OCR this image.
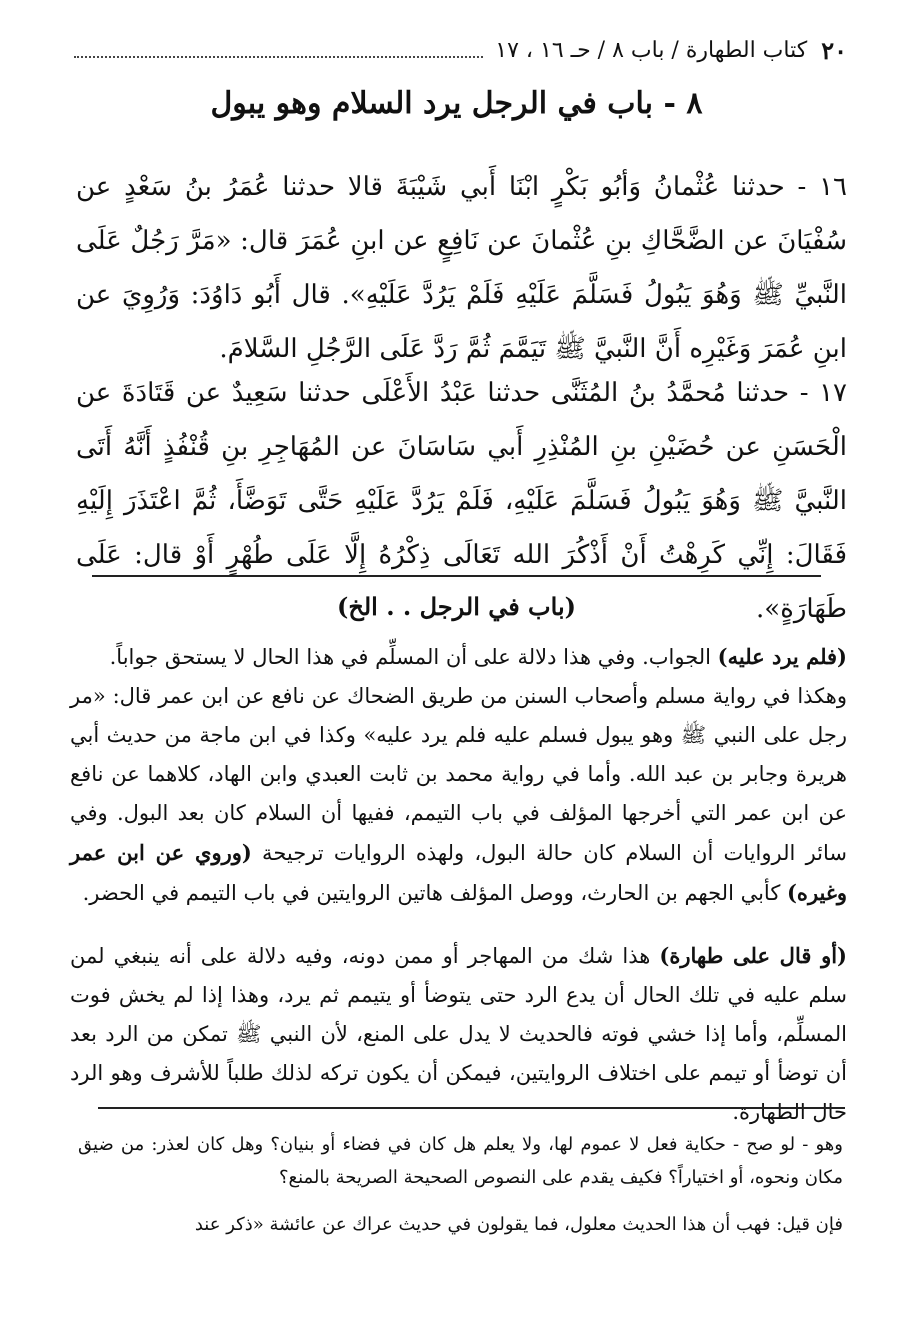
٢٠
كتاب الطهارة / باب ٨ / حـ ١٦ ، ١٧
٨ - باب في الرجل يرد السلام وهو يبول
١٦ - حدثنا عُثْمانُ وَأبُو بَكْرٍ ابْنَا أَبي شَيْبَةَ قالا حدثنا عُمَرُ بنُ سَعْدٍ عن سُفْيَانَ عن الضَّحَّاكِ بنِ عُثْمانَ عن نَافِعٍ عن ابنِ عُمَرَ قال: «مَرَّ رَجُلٌ عَلَى النَّبيِّ ﷺ وَهُوَ يَبُولُ فَسَلَّمَ عَلَيْهِ فَلَمْ يَرُدَّ عَلَيْهِ». قال أَبُو دَاوُدَ: وَرُوِيَ عن ابنِ عُمَرَ وَغَيْرِه أَنَّ النَّبيَّ ﷺ تَيَمَّمَ ثُمَّ رَدَّ عَلَى الرَّجُلِ السَّلامَ.
١٧ - حدثنا مُحمَّدُ بنُ المُثَنَّى حدثنا عَبْدُ الأَعْلَى حدثنا سَعِيدٌ عن قَتَادَةَ عن الْحَسَنِ عن حُضَيْنِ بنِ المُنْذِرِ أَبي سَاسَانَ عن المُهَاجِرِ بنِ قُنْفُذٍ أَنَّهُ أَتَى النَّبيَّ ﷺ وَهُوَ يَبُولُ فَسَلَّمَ عَلَيْهِ، فَلَمْ يَرُدَّ عَلَيْهِ حَتَّى تَوَضَّأَ، ثُمَّ اعْتَذَرَ إِلَيْهِ فَقَالَ: إِنِّي كَرِهْتُ أَنْ أَذْكُرَ الله تَعَالَى ذِكْرُهُ إِلَّا عَلَى طُهْرٍ أَوْ قال: عَلَى طَهَارَةٍ».
(باب في الرجل . . الخ)
(فلم يرد عليه) الجواب. وفي هذا دلالة على أن المسلِّم في هذا الحال لا يستحق جواباً.
وهكذا في رواية مسلم وأصحاب السنن من طريق الضحاك عن نافع عن ابن عمر قال: «مر رجل على النبي ﷺ وهو يبول فسلم عليه فلم يرد عليه» وكذا في ابن ماجة من حديث أبي هريرة وجابر بن عبد الله. وأما في رواية محمد بن ثابت العبدي وابن الهاد، كلاهما عن نافع عن ابن عمر التي أخرجها المؤلف في باب التيمم، ففيها أن السلام كان بعد البول. وفي سائر الروايات أن السلام كان حالة البول، ولهذه الروايات ترجيحة (وروي عن ابن عمر وغيره) كأبي الجهم بن الحارث، ووصل المؤلف هاتين الروايتين في باب التيمم في الحضر.
(أو قال على طهارة) هذا شك من المهاجر أو ممن دونه، وفيه دلالة على أنه ينبغي لمن سلم عليه في تلك الحال أن يدع الرد حتى يتوضأ أو يتيمم ثم يرد، وهذا إذا لم يخش فوت المسلِّم، وأما إذا خشي فوته فالحديث لا يدل على المنع، لأن النبي ﷺ تمكن من الرد بعد أن توضأ أو تيمم على اختلاف الروايتين، فيمكن أن يكون تركه لذلك طلباً للأشرف وهو الرد حال الطهارة.
وهو - لو صح - حكاية فعل لا عموم لها، ولا يعلم هل كان في فضاء أو بنيان؟ وهل كان لعذر: من ضيق مكان ونحوه، أو اختياراً؟ فكيف يقدم على النصوص الصحيحة الصريحة بالمنع؟
فإن قيل: فهب أن هذا الحديث معلول، فما يقولون في حديث عراك عن عائشة «ذكر عند
